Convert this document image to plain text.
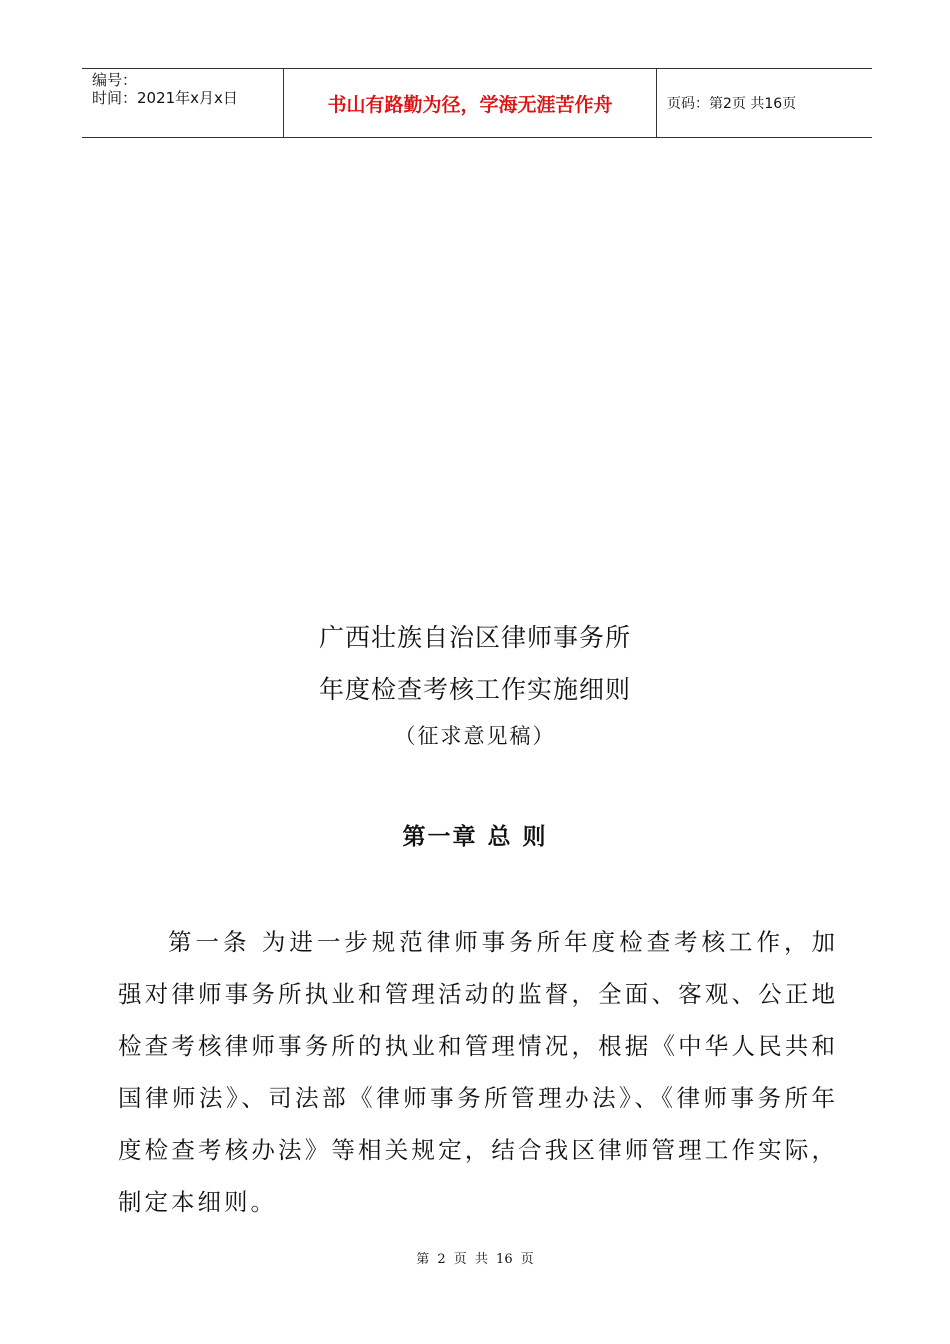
编号：
时间：2021年x月x日	书山有路勤为径，学海无涯苦作舟	页码：第2页 共16页
广西壮族自治区律师事务所
年度检查考核工作实施细则
（征求意见稿）
第一章 总 则

第一条 为进一步规范律师事务所年度检查考核工作，加强对律师事务所执业和管理活动的监督，全面、客观、公正地检查考核律师事务所的执业和管理情况，根据《中华人民共和国律师法》、司法部《律师事务所管理办法》、《律师事务所年度检查考核办法》等相关规定，结合我区律师管理工作实际，制定本细则。

第 2 页 共 16 页
